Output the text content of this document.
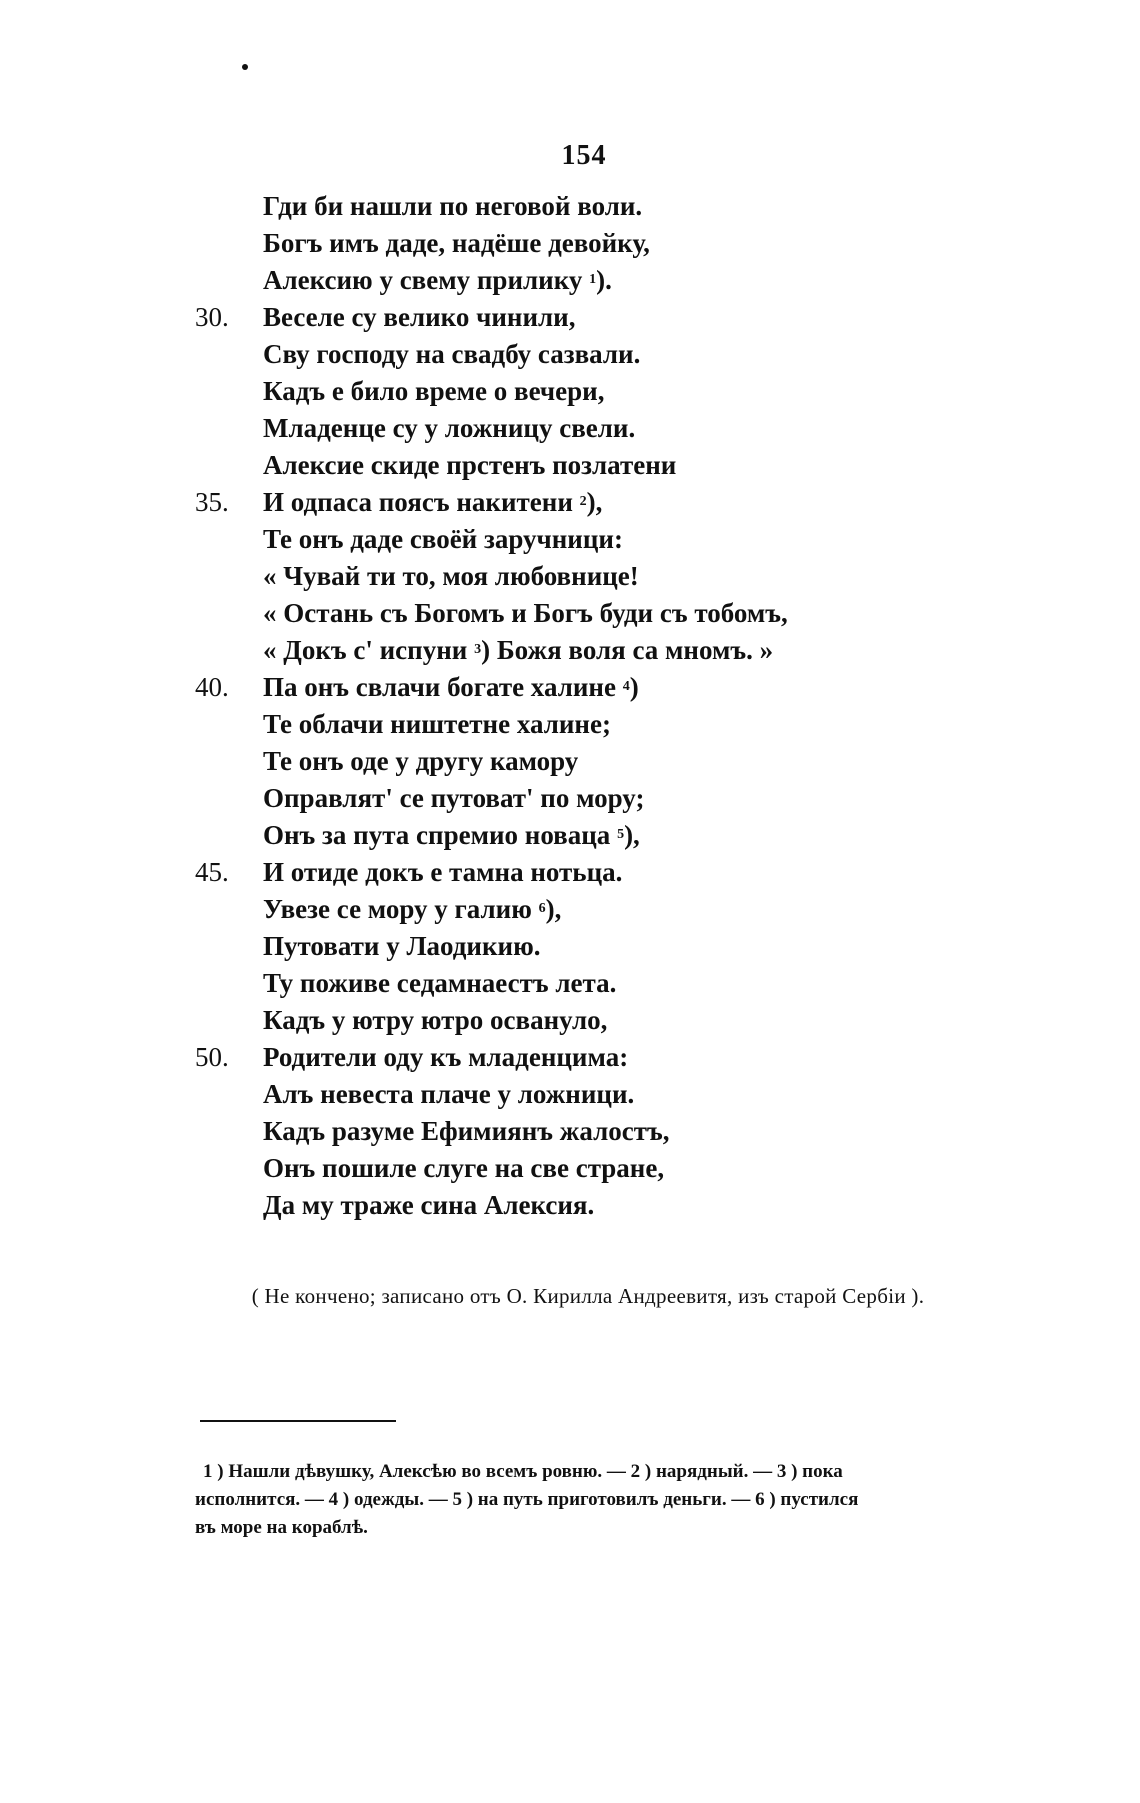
154
Гди би нашли по неговой воли.
Богъ имъ даде, надёше девойку,
Алексию у свему прилику $^1$).
30.	Веселе су велико чинили,
Сву господу на свадбу сазвали.
Кадъ е било време о вечери,
Младенце су у ложницу свели.
Алексие скиде прстенъ позлатени
35.	И одпаса поясъ накитени $^2$),
Те онъ даде своёй заручници:
« Чувай ти то, моя любовнице!
« Остань съ Богомъ и Богъ буди съ тобомъ,
« Докъ с' испуни $^3$) Божя воля са мномъ. »
40.	Па онъ свлачи богате халине $^4$)
Те облачи ништетне халине;
Те онъ оде у другу камору
Оправлят' се путоват' по мору;
Онъ за пута спремио новаца $^5$),
45.	И отиде докъ е тамна нотьца.
Увезе се мору у галию $^6$),
Путовати у Лаодикию.
Ту поживе седамнаестъ лета.
Кадъ у ютру ютро освануло,
50.	Родители оду къ младенцима:
Алъ невеста плаче у ложници.
Кадъ разуме Ефимиянъ жалостъ,
Онъ пошиле слуге на све стране,
Да му траже сина Алексия.
( Не кончено; записано отъ О. Кирилла Андреевитя, изъ старой Сербiи ).
1 ) Нашли дѣвушку, Алексѣю во всемъ ровню. — 2 ) нарядный. — 3 ) пока
исполнится. — 4 ) одежды. — 5 ) на путь приготовилъ деньги. — 6 ) пустился
въ море на кораблѣ.
